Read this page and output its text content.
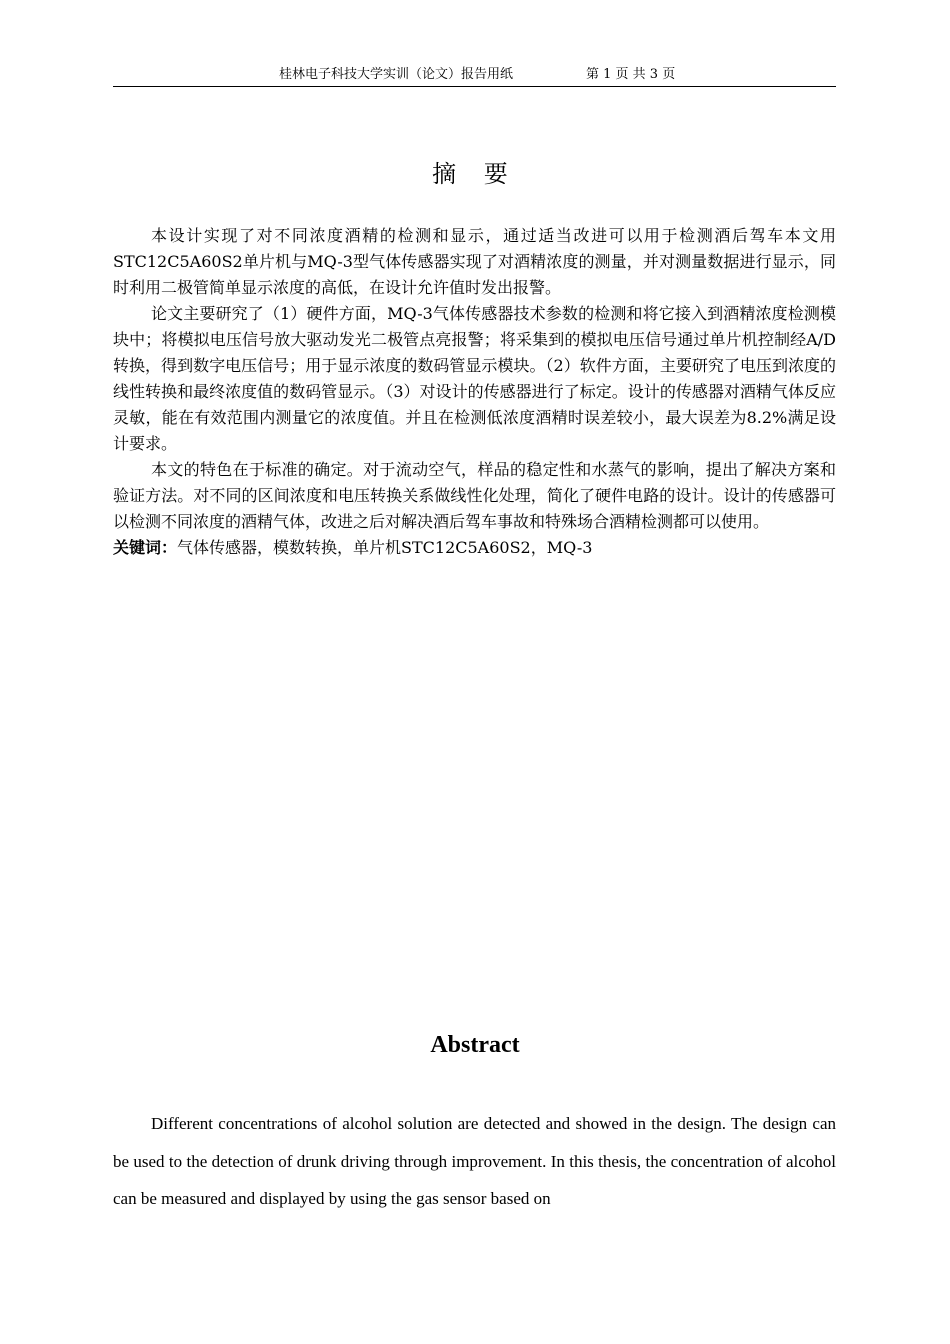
桂林电子科技大学实训（论文）报告用纸	第 1 页 共 3 页
摘 要

本设计实现了对不同浓度酒精的检测和显示，通过适当改进可以用于检测酒后驾车本文用STC12C5A60S2单片机与MQ-3型气体传感器实现了对酒精浓度的测量，并对测量数据进行显示，同时利用二极管简单显示浓度的高低，在设计允许值时发出报警。

论文主要研究了（1）硬件方面，MQ-3气体传感器技术参数的检测和将它接入到酒精浓度检测模块中；将模拟电压信号放大驱动发光二极管点亮报警；将采集到的模拟电压信号通过单片机控制经A/D转换，得到数字电压信号；用于显示浓度的数码管显示模块。（2）软件方面，主要研究了电压到浓度的线性转换和最终浓度值的数码管显示。（3）对设计的传感器进行了标定。设计的传感器对酒精气体反应灵敏，能在有效范围内测量它的浓度值。并且在检测低浓度酒精时误差较小，最大误差为8.2%满足设计要求。

本文的特色在于标准的确定。对于流动空气，样品的稳定性和水蒸气的影响，提出了解决方案和验证方法。对不同的区间浓度和电压转换关系做线性化处理，简化了硬件电路的设计。设计的传感器可以检测不同浓度的酒精气体，改进之后对解决酒后驾车事故和特殊场合酒精检测都可以使用。

关键词：气体传感器，模数转换，单片机STC12C5A60S2，MQ-3

Abstract

Different concentrations of alcohol solution are detected and showed in the design. The design can be used to the detection of drunk driving through improvement. In this thesis, the concentration of alcohol can be measured and displayed by using the gas sensor based on
